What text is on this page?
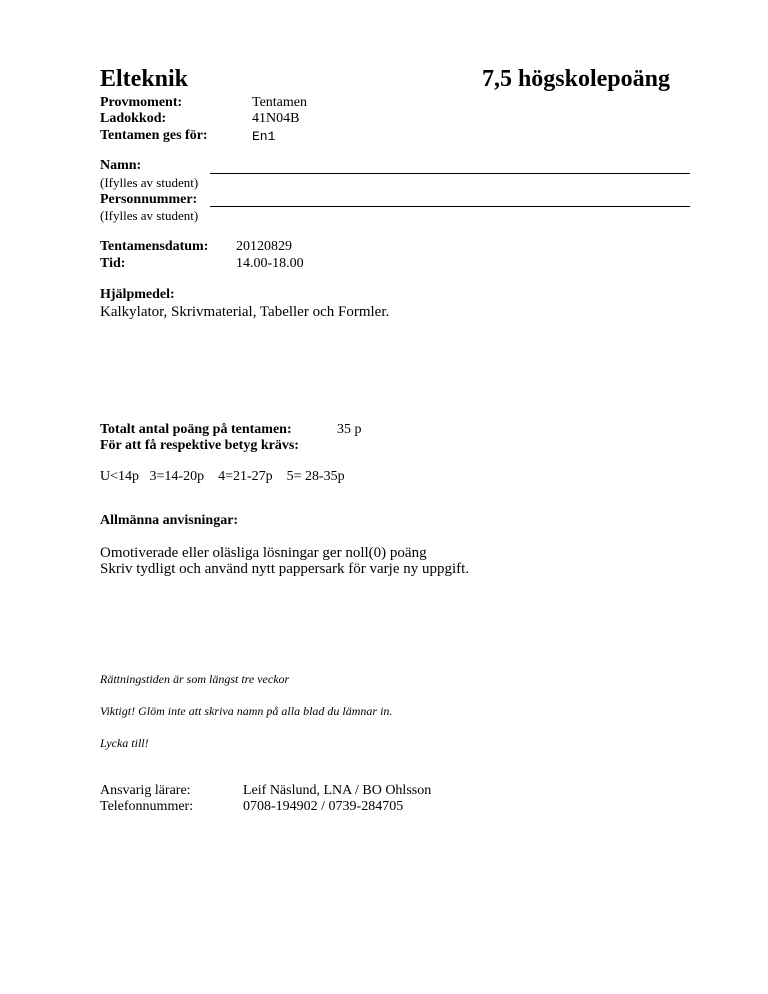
Elteknik	7,5 högskolepoäng
Provmoment:	Tentamen
Ladokkod:	41N04B
Tentamen ges för:	En1
Namn:
(Ifylles av student)
Personnummer:
(Ifylles av student)
Tentamensdatum: 20120829
Tid:	14.00-18.00
Hjälpmedel:
Kalkylator, Skrivmaterial, Tabeller och Formler.
Totalt antal poäng på tentamen:	35 p
För att få respektive betyg krävs:
U<14p   3=14-20p    4=21-27p    5= 28-35p
Allmänna anvisningar:
Omotiverade eller oläsliga lösningar ger noll(0) poäng
Skriv tydligt och använd nytt pappersark för varje ny uppgift.
Rättningstiden är som längst tre veckor
Viktigt! Glöm inte att skriva namn på alla blad du lämnar in.
Lycka till!
Ansvarig lärare:	Leif Näslund, LNA / BO Ohlsson
Telefonnummer:	0708-194902 / 0739-284705
